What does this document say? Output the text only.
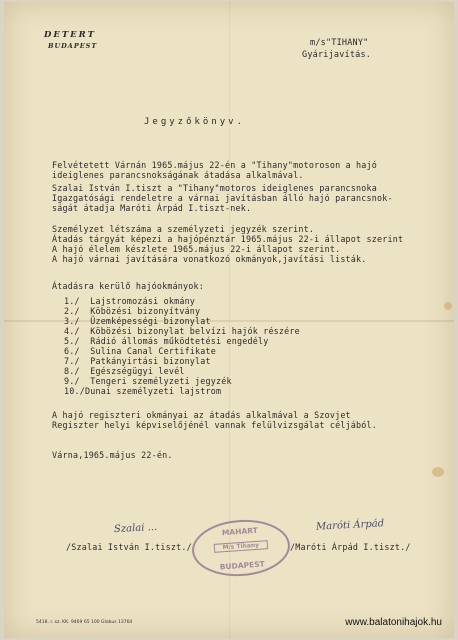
DETERT
BUDAPEST	m/s"TIHANY"
Gyárijavítás.
Jegyzőkönyv.
Felvétetett Várnán 1965.május 22-én a "Tihany"motoroson a hajó
ideiglenes parancsnokságának átadása alkalmával.
Szalai István I.tiszt a "Tihany"motoros ideiglenes parancsnoka
Igazgatósági rendeletre a várnai javításban álló hajó parancsnok-
ságát átadja Maróti Árpád I.tiszt-nek.
Személyzet létszáma a személyzeti jegyzék szerint.
Átadás tárgyát képezi a hajópénztár 1965.május 22-i állapot szerint
A hajó élelem készlete 1965.május 22-i állapot szerint.
A hajó várnai javítására vonatkozó okmányok,javítási listák.
Átadásra kerülő hajóokmányok:
1./  Lajstromozási okmány
2./  Köbözési bizonyítvány
3./  Üzemképességi bizonylat
4./  Köbözési bizonylat belvízi hajók részére
5./  Rádió állomás működtetési engedély
6./  Sulina Canal Certifikate
7./  Patkányirtási bizonylat
8./  Egészségügyi levél
9./  Tengeri személyzeti jegyzék
10./Dunai személyzeti lajstrom
A hajó regiszteri okmányai az átadás alkalmával a Szovjet
Regiszter helyi képviselőjénél vannak felülvizsgálat céljából.
Várna,1965.május 22-én.
Szalai ...	Maróti Árpád
MAHART
M/s Tihany
BUDAPEST
/Szalai István I.tiszt./	/Maróti Árpád I.tiszt./
5418. r. sz. KK. 9469 65 100 Globus 13764	www.balatonihajok.hu
